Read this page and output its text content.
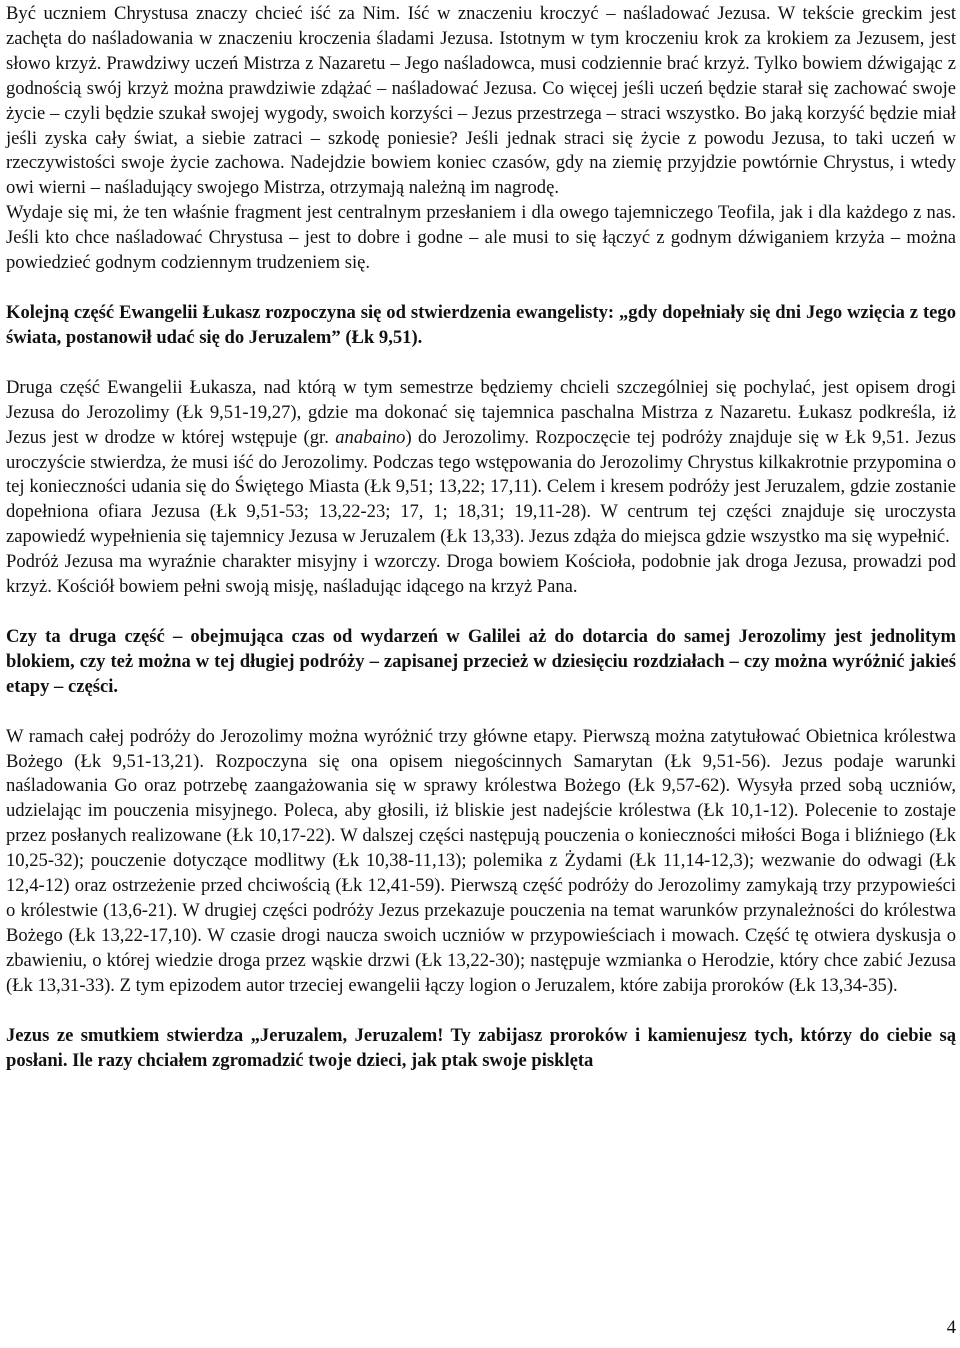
Być uczniem Chrystusa znaczy chcieć iść za Nim. Iść w znaczeniu kroczyć – naśladować Jezusa. W tekście greckim jest zachęta do naśladowania w znaczeniu kroczenia śladami Jezusa. Istotnym w tym kroczeniu krok za krokiem za Jezusem, jest słowo krzyż. Prawdziwy uczeń Mistrza z Nazaretu – Jego naśladowca, musi codziennie brać krzyż. Tylko bowiem dźwigając z godnością swój krzyż można prawdziwie zdążać – naśladować Jezusa. Co więcej jeśli uczeń będzie starał się zachować swoje życie – czyli będzie szukał swojej wygody, swoich korzyści – Jezus przestrzega – straci wszystko. Bo jaką korzyść będzie miał jeśli zyska cały świat, a siebie zatraci – szkodę poniesie? Jeśli jednak straci się życie z powodu Jezusa, to taki uczeń w rzeczywistości swoje życie zachowa. Nadejdzie bowiem koniec czasów, gdy na ziemię przyjdzie powtórnie Chrystus, i wtedy owi wierni – naśladujący swojego Mistrza, otrzymają należną im nagrodę.

Wydaje się mi, że ten właśnie fragment jest centralnym przesłaniem i dla owego tajemniczego Teofila, jak i dla każdego z nas. Jeśli kto chce naśladować Chrystusa – jest to dobre i godne – ale musi to się łączyć z godnym dźwiganiem krzyża – można powiedzieć godnym codziennym trudzeniem się.

Kolejną część Ewangelii Łukasz rozpoczyna się od stwierdzenia ewangelisty: „gdy dopełniały się dni Jego wzięcia z tego świata, postanowił udać się do Jeruzalem” (Łk 9,51).

Druga część Ewangelii Łukasza, nad którą w tym semestrze będziemy chcieli szczególniej się pochylać, jest opisem drogi Jezusa do Jerozolimy (Łk 9,51-19,27), gdzie ma dokonać się tajemnica paschalna Mistrza z Nazaretu. Łukasz podkreśla, iż Jezus jest w drodze w której wstępuje (gr. anabaino) do Jerozolimy. Rozpoczęcie tej podróży znajduje się w Łk 9,51. Jezus uroczyście stwierdza, że musi iść do Jerozolimy. Podczas tego wstępowania do Jerozolimy Chrystus kilkakrotnie przypomina o tej konieczności udania się do Świętego Miasta (Łk 9,51; 13,22; 17,11). Celem i kresem podróży jest Jeruzalem, gdzie zostanie dopełniona ofiara Jezusa (Łk 9,51-53; 13,22-23; 17, 1; 18,31; 19,11-28). W centrum tej części znajduje się uroczysta zapowiedź wypełnienia się tajemnicy Jezusa w Jeruzalem (Łk 13,33). Jezus zdąża do miejsca gdzie wszystko ma się wypełnić.

Podróż Jezusa ma wyraźnie charakter misyjny i wzorczy. Droga bowiem Kościoła, podobnie jak droga Jezusa, prowadzi pod krzyż. Kościół bowiem pełni swoją misję, naśladując idącego na krzyż Pana.

Czy ta druga część – obejmująca czas od wydarzeń w Galilei aż do dotarcia do samej Jerozolimy jest jednolitym blokiem, czy też można w tej długiej podróży – zapisanej przecież w dziesięciu rozdziałach – czy można wyróżnić jakieś etapy – części.

W ramach całej podróży do Jerozolimy można wyróżnić trzy główne etapy. Pierwszą można zatytułować Obietnica królestwa Bożego (Łk 9,51-13,21). Rozpoczyna się ona opisem niegościnnych Samarytan (Łk 9,51-56). Jezus podaje warunki naśladowania Go oraz potrzebę zaangażowania się w sprawy królestwa Bożego (Łk 9,57-62). Wysyła przed sobą uczniów, udzielając im pouczenia misyjnego. Poleca, aby głosili, iż bliskie jest nadejście królestwa (Łk 10,1-12). Polecenie to zostaje przez posłanych realizowane (Łk 10,17-22). W dalszej części następują pouczenia o konieczności miłości Boga i bliźniego (Łk 10,25-32); pouczenie dotyczące modlitwy (Łk 10,38-11,13); polemika z Żydami (Łk 11,14-12,3); wezwanie do odwagi (Łk 12,4-12) oraz ostrzeżenie przed chciwością (Łk 12,41-59). Pierwszą część podróży do Jerozolimy zamykają trzy przypowieści o królestwie (13,6-21). W drugiej części podróży Jezus przekazuje pouczenia na temat warunków przynależności do królestwa Bożego (Łk 13,22-17,10). W czasie drogi naucza swoich uczniów w przypowieściach i mowach. Część tę otwiera dyskusja o zbawieniu, o której wiedzie droga przez wąskie drzwi (Łk 13,22-30); następuje wzmianka o Herodzie, który chce zabić Jezusa (Łk 13,31-33). Z tym epizodem autor trzeciej ewangelii łączy logion o Jeruzalem, które zabija proroków (Łk 13,34-35).

Jezus ze smutkiem stwierdza „Jeruzalem, Jeruzalem! Ty zabijasz proroków i kamienujesz tych, którzy do ciebie są posłani. Ile razy chciałem zgromadzić twoje dzieci, jak ptak swoje pisklęta

4
